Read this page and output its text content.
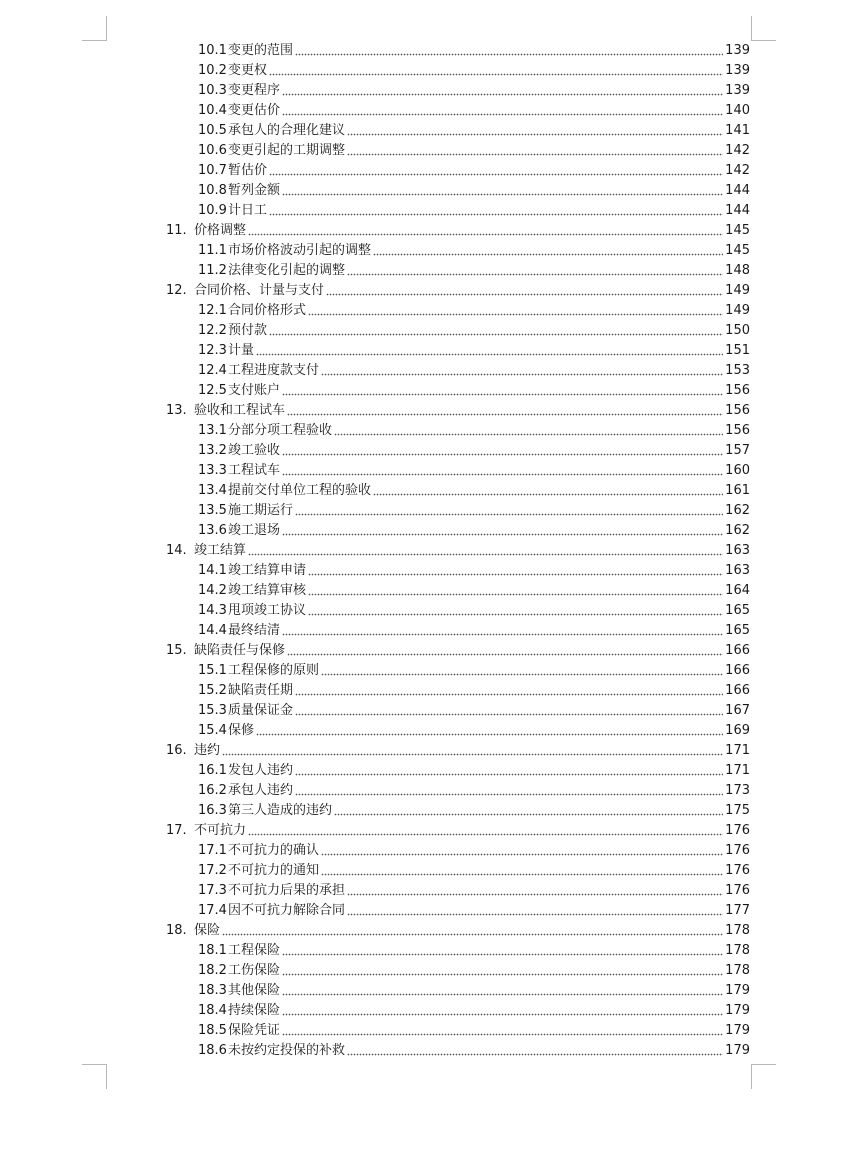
10.1 变更的范围	139
10.2 变更权	139
10.3 变更程序	139
10.4 变更估价	140
10.5 承包人的合理化建议	141
10.6 变更引起的工期调整	142
10.7 暂估价	142
10.8 暂列金额	144
10.9 计日工	144
11. 价格调整	145
11.1 市场价格波动引起的调整	145
11.2 法律变化引起的调整	148
12. 合同价格、计量与支付	149
12.1 合同价格形式	149
12.2 预付款	150
12.3 计量	151
12.4 工程进度款支付	153
12.5 支付账户	156
13. 验收和工程试车	156
13.1 分部分项工程验收	156
13.2 竣工验收	157
13.3 工程试车	160
13.4 提前交付单位工程的验收	161
13.5 施工期运行	162
13.6 竣工退场	162
14. 竣工结算	163
14.1 竣工结算申请	163
14.2 竣工结算审核	164
14.3 甩项竣工协议	165
14.4 最终结清	165
15. 缺陷责任与保修	166
15.1 工程保修的原则	166
15.2 缺陷责任期	166
15.3 质量保证金	167
15.4 保修	169
16. 违约	171
16.1 发包人违约	171
16.2 承包人违约	173
16.3 第三人造成的违约	175
17. 不可抗力	176
17.1 不可抗力的确认	176
17.2 不可抗力的通知	176
17.3 不可抗力后果的承担	176
17.4 因不可抗力解除合同	177
18. 保险	178
18.1 工程保险	178
18.2 工伤保险	178
18.3 其他保险	179
18.4 持续保险	179
18.5 保险凭证	179
18.6 未按约定投保的补救	179
